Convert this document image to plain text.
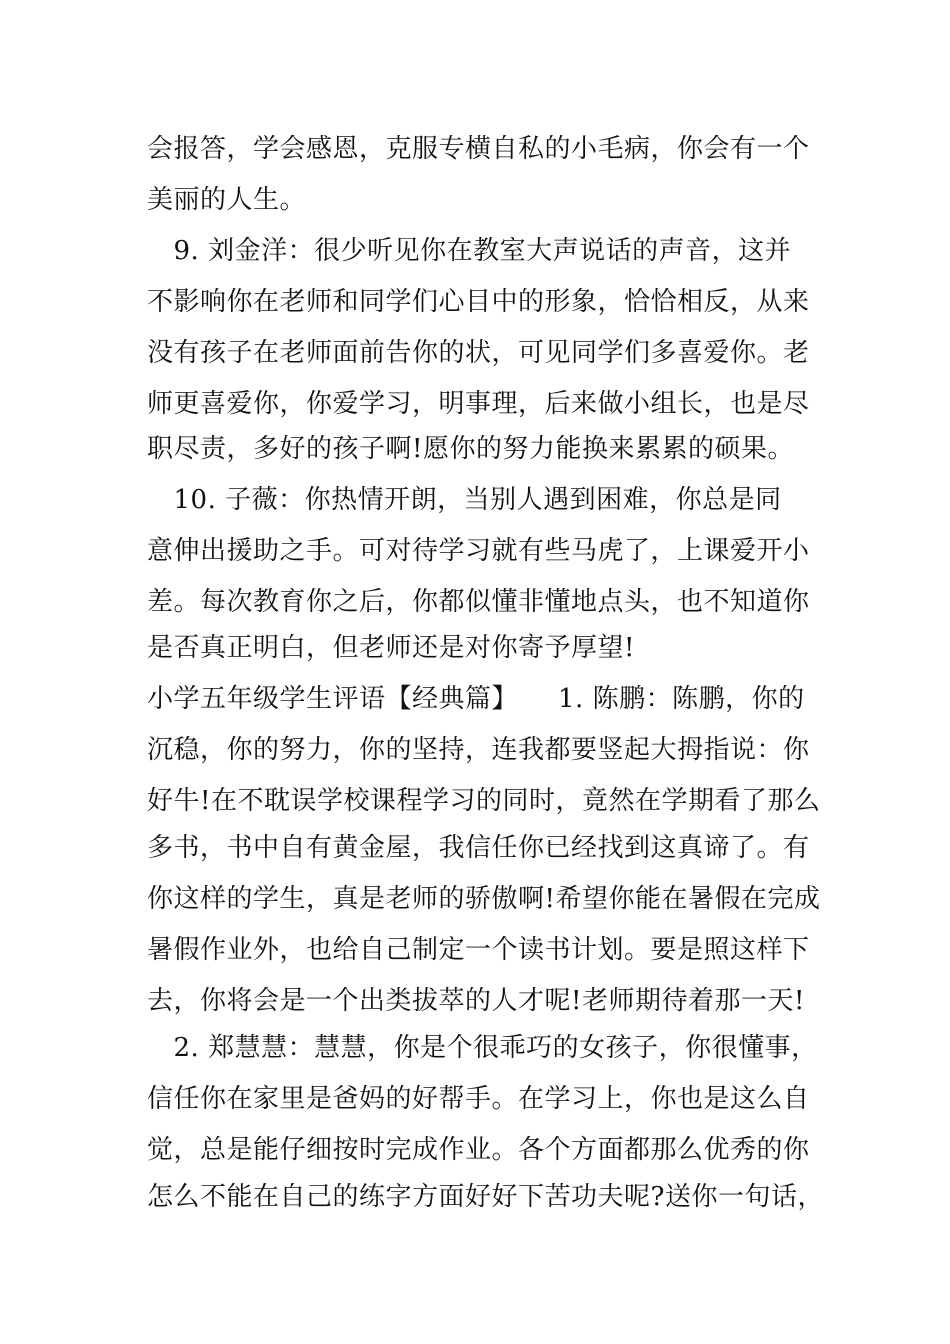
会报答，学会感恩，克服专横自私的小毛病，你会有一个
美丽的人生。
　9. 刘金洋：很少听见你在教室大声说话的声音，这并
不影响你在老师和同学们心目中的形象，恰恰相反，从来
没有孩子在老师面前告你的状，可见同学们多喜爱你。老
师更喜爱你，你爱学习，明事理，后来做小组长，也是尽
职尽责，多好的孩子啊!愿你的努力能换来累累的硕果。
　10. 子薇：你热情开朗，当别人遇到困难，你总是同
意伸出援助之手。可对待学习就有些马虎了，上课爱开小
差。每次教育你之后，你都似懂非懂地点头，也不知道你
是否真正明白，但老师还是对你寄予厚望!
小学五年级学生评语【经典篇】　　1. 陈鹏：陈鹏，你的
沉稳，你的努力，你的坚持，连我都要竖起大拇指说：你
好牛!在不耽误学校课程学习的同时，竟然在学期看了那么
多书，书中自有黄金屋，我信任你已经找到这真谛了。有
你这样的学生，真是老师的骄傲啊!希望你能在暑假在完成
暑假作业外，也给自己制定一个读书计划。要是照这样下
去，你将会是一个出类拔萃的人才呢!老师期待着那一天!
　2. 郑慧慧：慧慧，你是个很乖巧的女孩子，你很懂事，
信任你在家里是爸妈的好帮手。在学习上，你也是这么自
觉，总是能仔细按时完成作业。各个方面都那么优秀的你
怎么不能在自己的练字方面好好下苦功夫呢?送你一句话，
